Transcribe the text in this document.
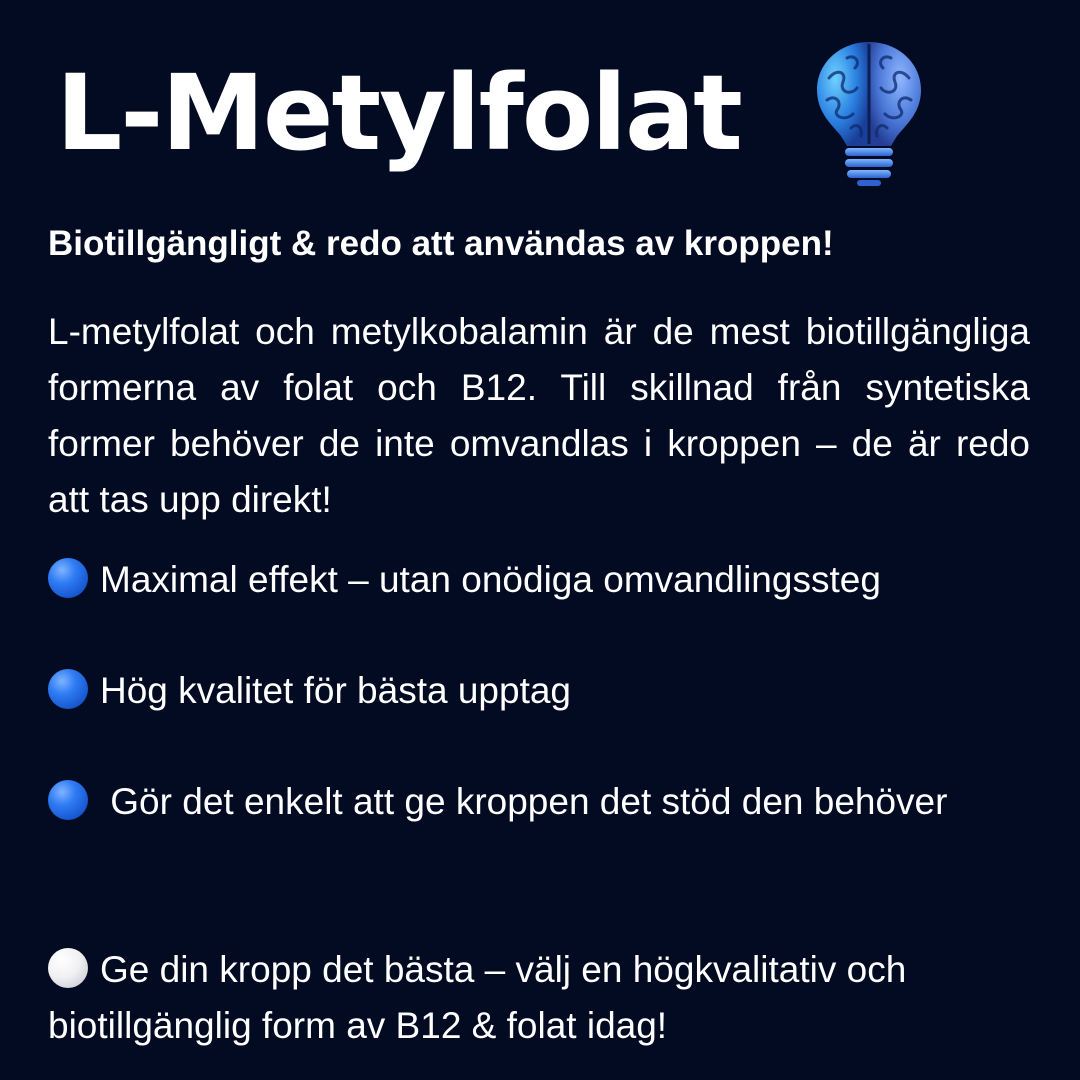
L-Metylfolat

Biotillgängligt & redo att användas av kroppen!

L-metylfolat och metylkobalamin är de mest biotillgängliga formerna av folat och B12. Till skillnad från syntetiska former behöver de inte omvandlas i kroppen – de är redo att tas upp direkt!

Maximal effekt – utan onödiga omvandlingssteg

Hög kvalitet för bästa upptag

Gör det enkelt att ge kroppen det stöd den behöver

Ge din kropp det bästa – välj en högkvalitativ och biotillgänglig form av B12 & folat idag!
